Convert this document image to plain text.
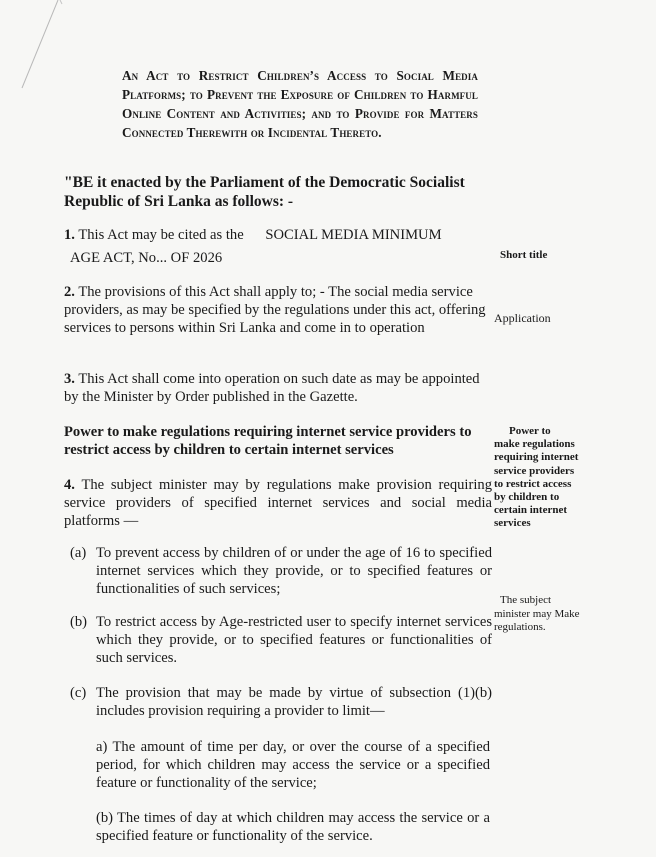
An Act to Restrict Children’s Access to Social Media Platforms; to Prevent the Exposure of Children to Harmful Online Content and Activities; and to Provide for Matters Connected Therewith or Incidental Thereto.
"BE it enacted by the Parliament of the Democratic Socialist Republic of Sri Lanka as follows: -
1. This Act may be cited as the SOCIAL MEDIA MINIMUM
AGE ACT, No... OF 2026	Short title
2. The provisions of this Act shall apply to; - The social media service providers, as may be specified by the regulations under this act, offering services to persons within Sri Lanka and come in to operation
Application
3. This Act shall come into operation on such date as may be appointed by the Minister by Order published in the Gazette.
Power to make regulations requiring internet service providers to restrict access by children to certain internet services
Power to
make regulations requiring internet service providers to restrict access by children to certain internet services
4. The subject minister may by regulations make provision requiring service providers of specified internet services and social media platforms —
(a) To prevent access by children of or under the age of 16 to specified internet services which they provide, or to specified features or functionalities of such services;
(b) To restrict access by Age-restricted user to specify internet services which they provide, or to specified features or functionalities of such services.
(c) The provision that may be made by virtue of subsection (1)(b) includes provision requiring a provider to limit—
a) The amount of time per day, or over the course of a specified period, for which children may access the service or a specified feature or functionality of the service;
(b) The times of day at which children may access the service or a specified feature or functionality of the service.
The subject
minister may Make regulations.
